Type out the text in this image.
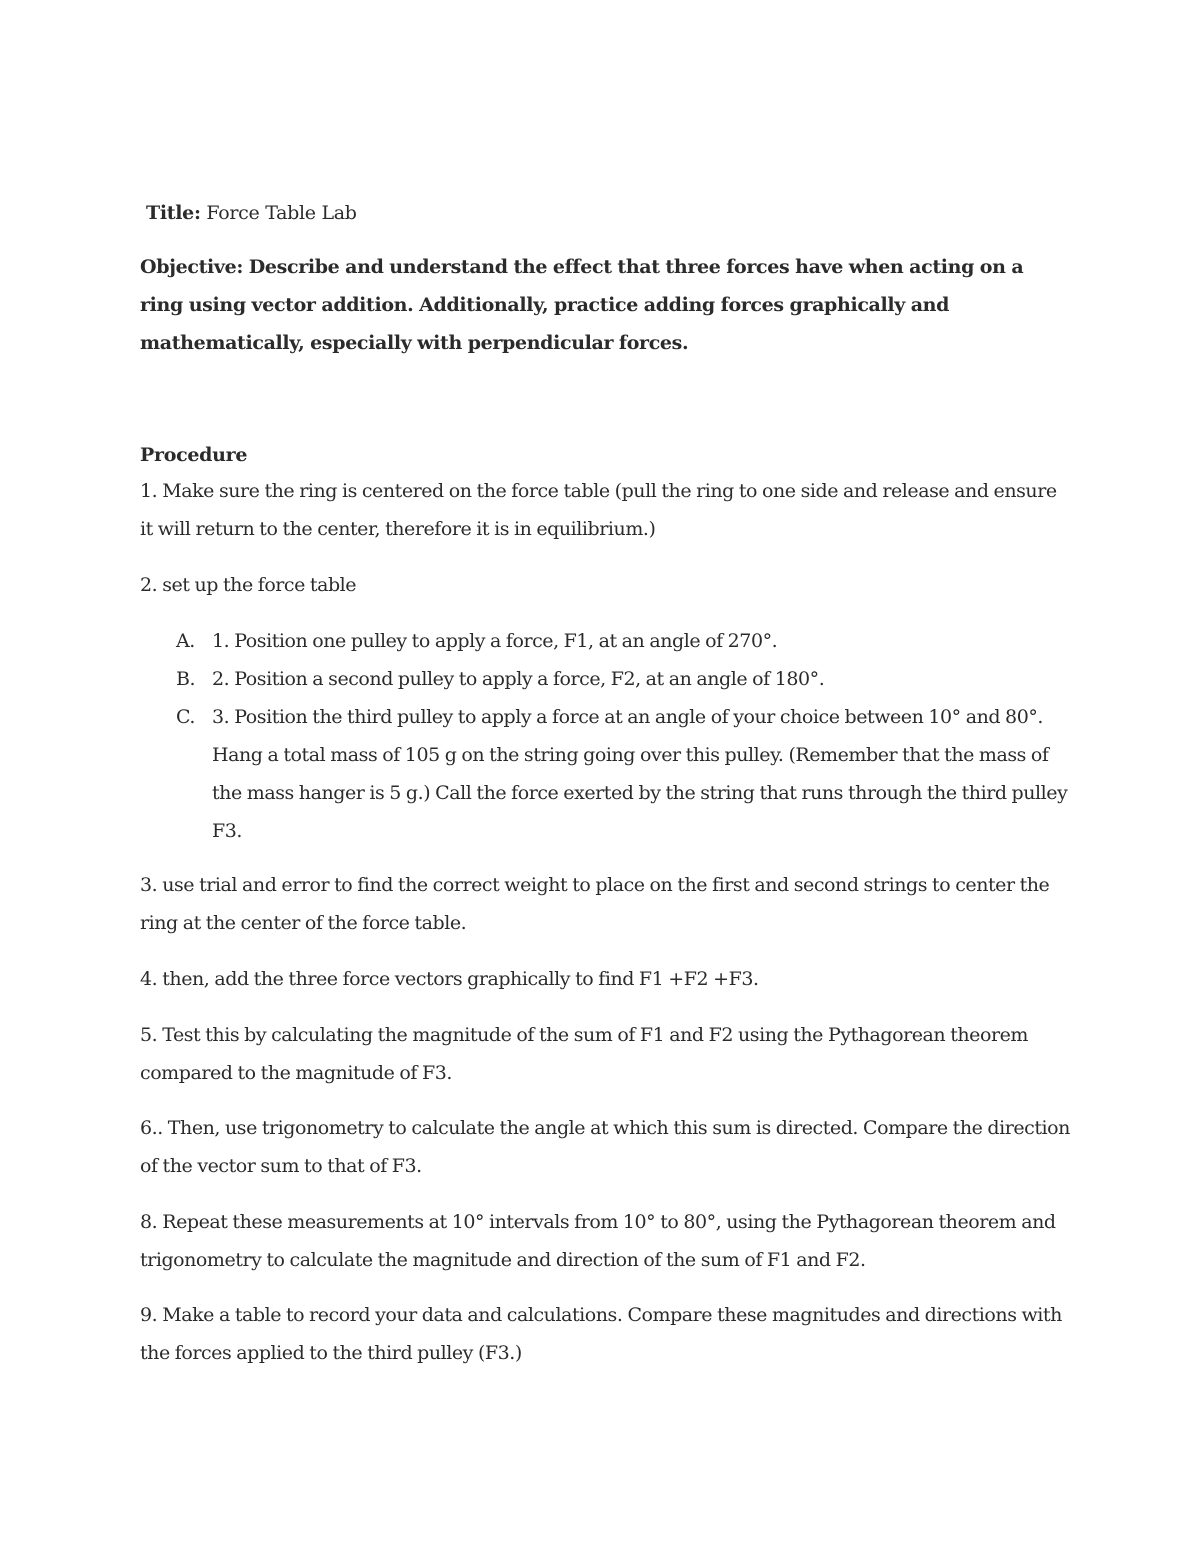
Title: Force Table Lab
Objective: Describe and understand the effect that three forces have when acting on a ring using vector addition. Additionally, practice adding forces graphically and mathematically, especially with perpendicular forces.
Procedure
1. Make sure the ring is centered on the force table (pull the ring to one side and release and ensure it will return to the center, therefore it is in equilibrium.)
2. set up the force table
A. 1. Position one pulley to apply a force, F1, at an angle of 270°.
B. 2. Position a second pulley to apply a force, F2, at an angle of 180°.
C. 3. Position the third pulley to apply a force at an angle of your choice between 10° and 80°. Hang a total mass of 105 g on the string going over this pulley. (Remember that the mass of the mass hanger is 5 g.) Call the force exerted by the string that runs through the third pulley F3.
3. use trial and error to find the correct weight to place on the first and second strings to center the ring at the center of the force table.
4. then, add the three force vectors graphically to find F1 +F2 +F3.
5. Test this by calculating the magnitude of the sum of F1 and F2 using the Pythagorean theorem compared to the magnitude of F3.
6.. Then, use trigonometry to calculate the angle at which this sum is directed. Compare the direction of the vector sum to that of F3.
8. Repeat these measurements at 10° intervals from 10° to 80°, using the Pythagorean theorem and trigonometry to calculate the magnitude and direction of the sum of F1 and F2.
9. Make a table to record your data and calculations. Compare these magnitudes and directions with the forces applied to the third pulley (F3.)
